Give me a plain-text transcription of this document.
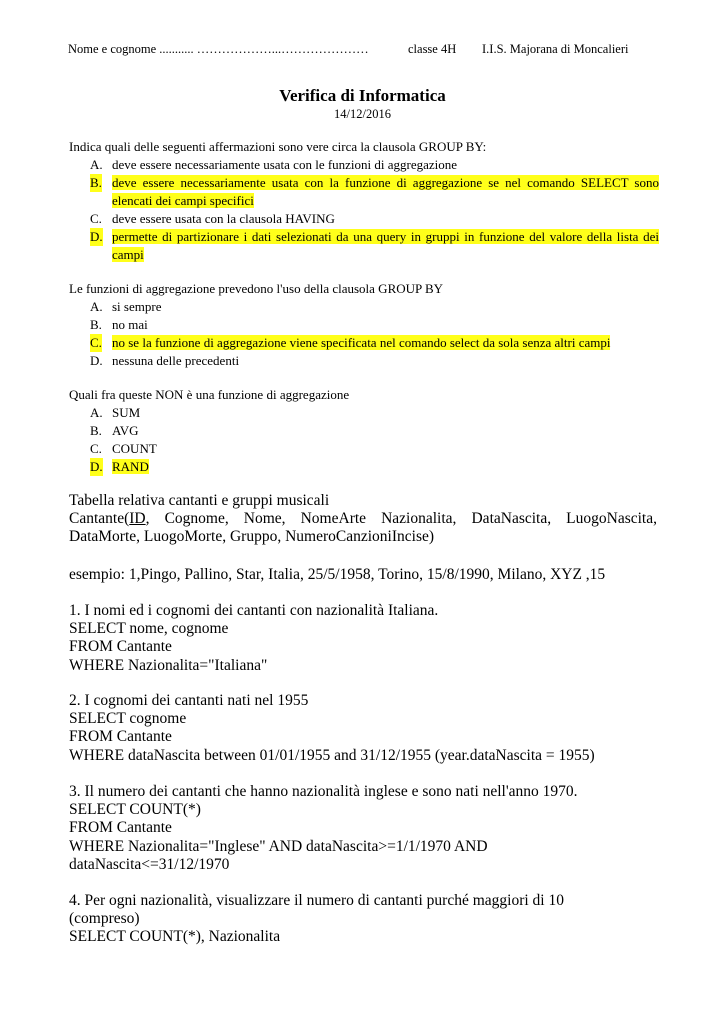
Nome e cognome ........... ………………...…………………	classe 4H I.I.S. Majorana di Moncalieri
Verifica di Informatica
14/12/2016
Indica quali delle seguenti affermazioni sono vere circa la clausola GROUP BY:
A. deve essere necessariamente usata con le funzioni di aggregazione
B. deve essere necessariamente usata con la funzione di aggregazione se nel comando SELECT sono elencati dei campi specifici
C. deve essere usata con la clausola HAVING
D. permette di partizionare i dati selezionati da una query in gruppi in funzione del valore della lista dei campi
Le funzioni di aggregazione prevedono l'uso della clausola GROUP BY
A. si sempre
B. no mai
C. no se la funzione di aggregazione viene specificata nel comando select da sola senza altri campi
D. nessuna delle precedenti
Quali fra queste NON è una funzione di aggregazione
A. SUM
B. AVG
C. COUNT
D. RAND
Tabella relativa cantanti e gruppi musicali
Cantante(ID, Cognome, Nome, NomeArte Nazionalita, DataNascita, LuogoNascita,
DataMorte, LuogoMorte, Gruppo, NumeroCanzioniIncise)
esempio: 1,Pingo, Pallino, Star, Italia, 25/5/1958, Torino, 15/8/1990, Milano, XYZ ,15
1. I nomi ed i cognomi dei cantanti con nazionalità Italiana.
SELECT nome, cognome
FROM Cantante
WHERE Nazionalita="Italiana"
2. I cognomi dei cantanti nati nel 1955
SELECT cognome
FROM Cantante
WHERE dataNascita between 01/01/1955 and 31/12/1955 (year.dataNascita = 1955)
3. Il numero dei cantanti che hanno nazionalità inglese e sono nati nell'anno 1970.
SELECT COUNT(*)
FROM Cantante
WHERE Nazionalita="Inglese" AND dataNascita>=1/1/1970 AND
dataNascita<=31/12/1970
4. Per ogni nazionalità, visualizzare il numero di cantanti purché maggiori di 10
(compreso)
SELECT COUNT(*), Nazionalita
